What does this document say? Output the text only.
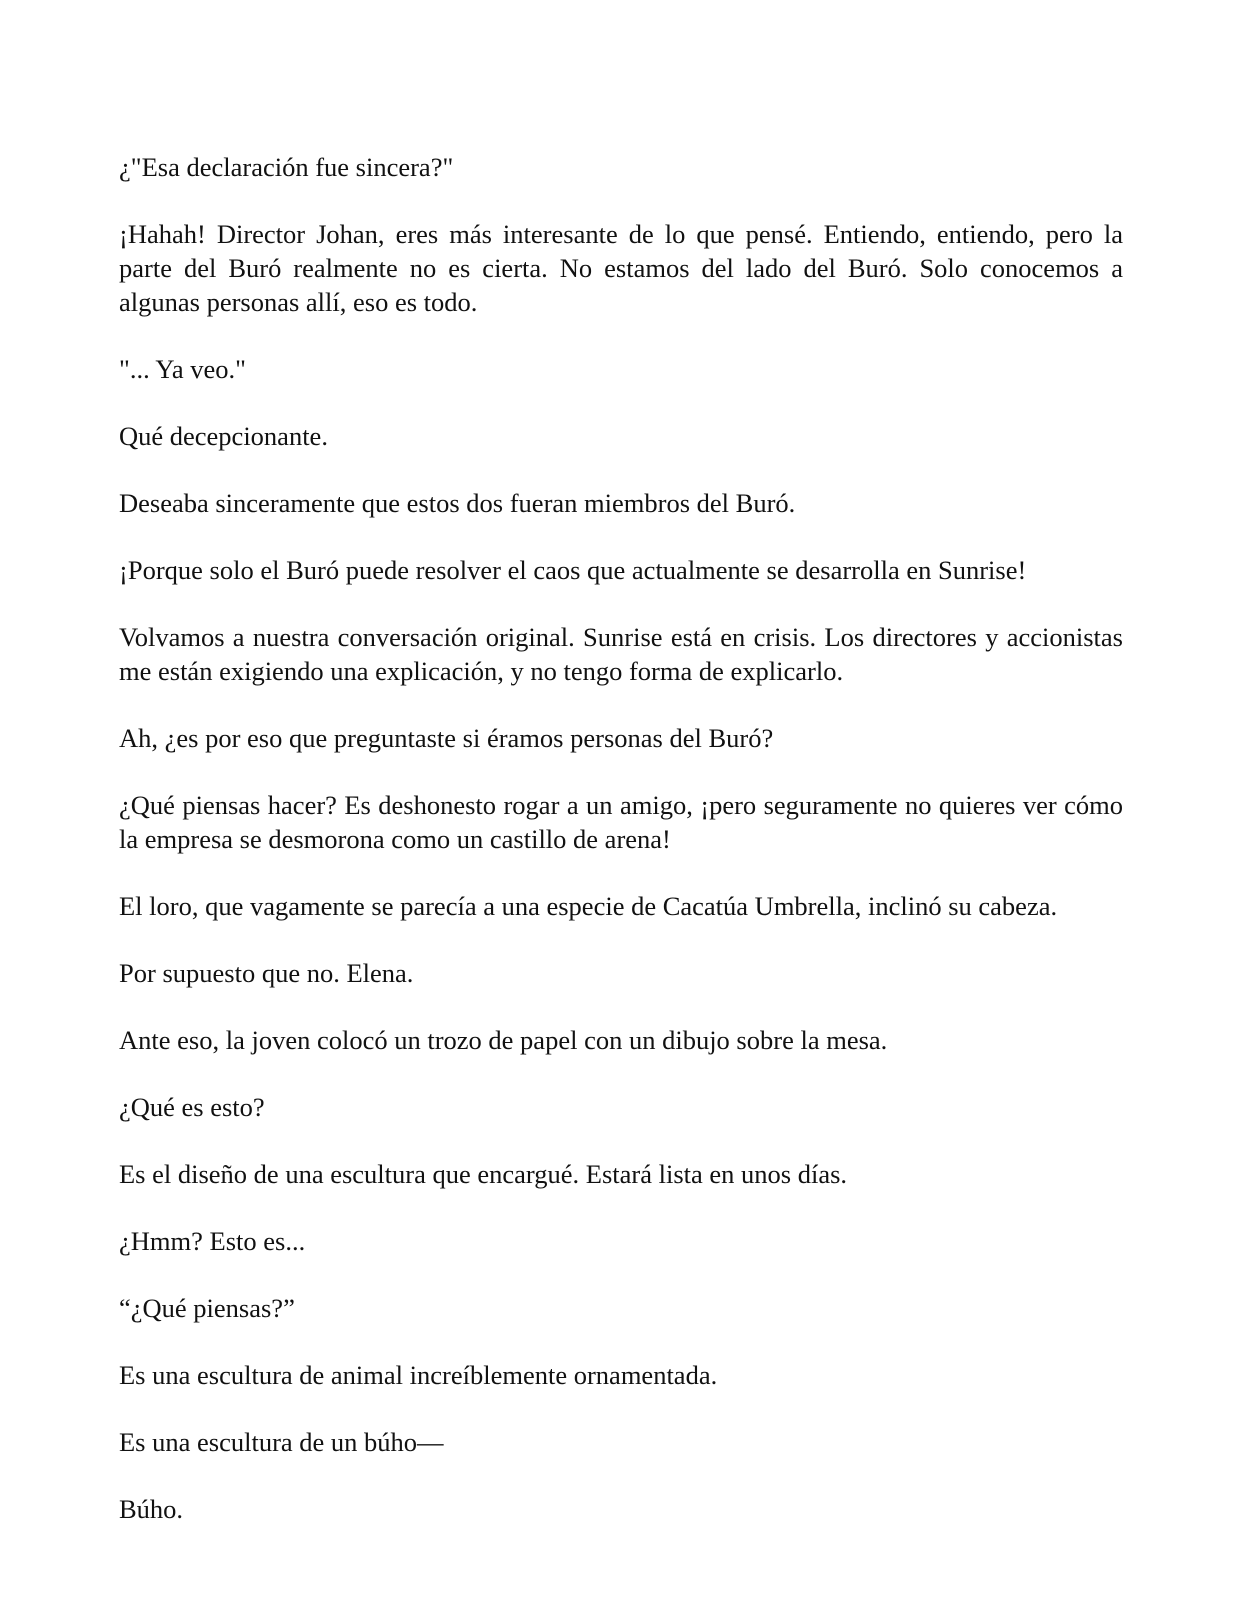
¿"Esa declaración fue sincera?"

¡Hahah! Director Johan, eres más interesante de lo que pensé. Entiendo, entiendo, pero la parte del Buró realmente no es cierta. No estamos del lado del Buró. Solo conocemos a algunas personas allí, eso es todo.

"... Ya veo."

Qué decepcionante.

Deseaba sinceramente que estos dos fueran miembros del Buró.

¡Porque solo el Buró puede resolver el caos que actualmente se desarrolla en Sunrise!

Volvamos a nuestra conversación original. Sunrise está en crisis. Los directores y accionistas me están exigiendo una explicación, y no tengo forma de explicarlo.

Ah, ¿es por eso que preguntaste si éramos personas del Buró?

¿Qué piensas hacer? Es deshonesto rogar a un amigo, ¡pero seguramente no quieres ver cómo la empresa se desmorona como un castillo de arena!

El loro, que vagamente se parecía a una especie de Cacatúa Umbrella, inclinó su cabeza.

Por supuesto que no. Elena.

Ante eso, la joven colocó un trozo de papel con un dibujo sobre la mesa.

¿Qué es esto?

Es el diseño de una escultura que encargué. Estará lista en unos días.

¿Hmm? Esto es...

“¿Qué piensas?”

Es una escultura de animal increíblemente ornamentada.

Es una escultura de un búho—

Búho.
